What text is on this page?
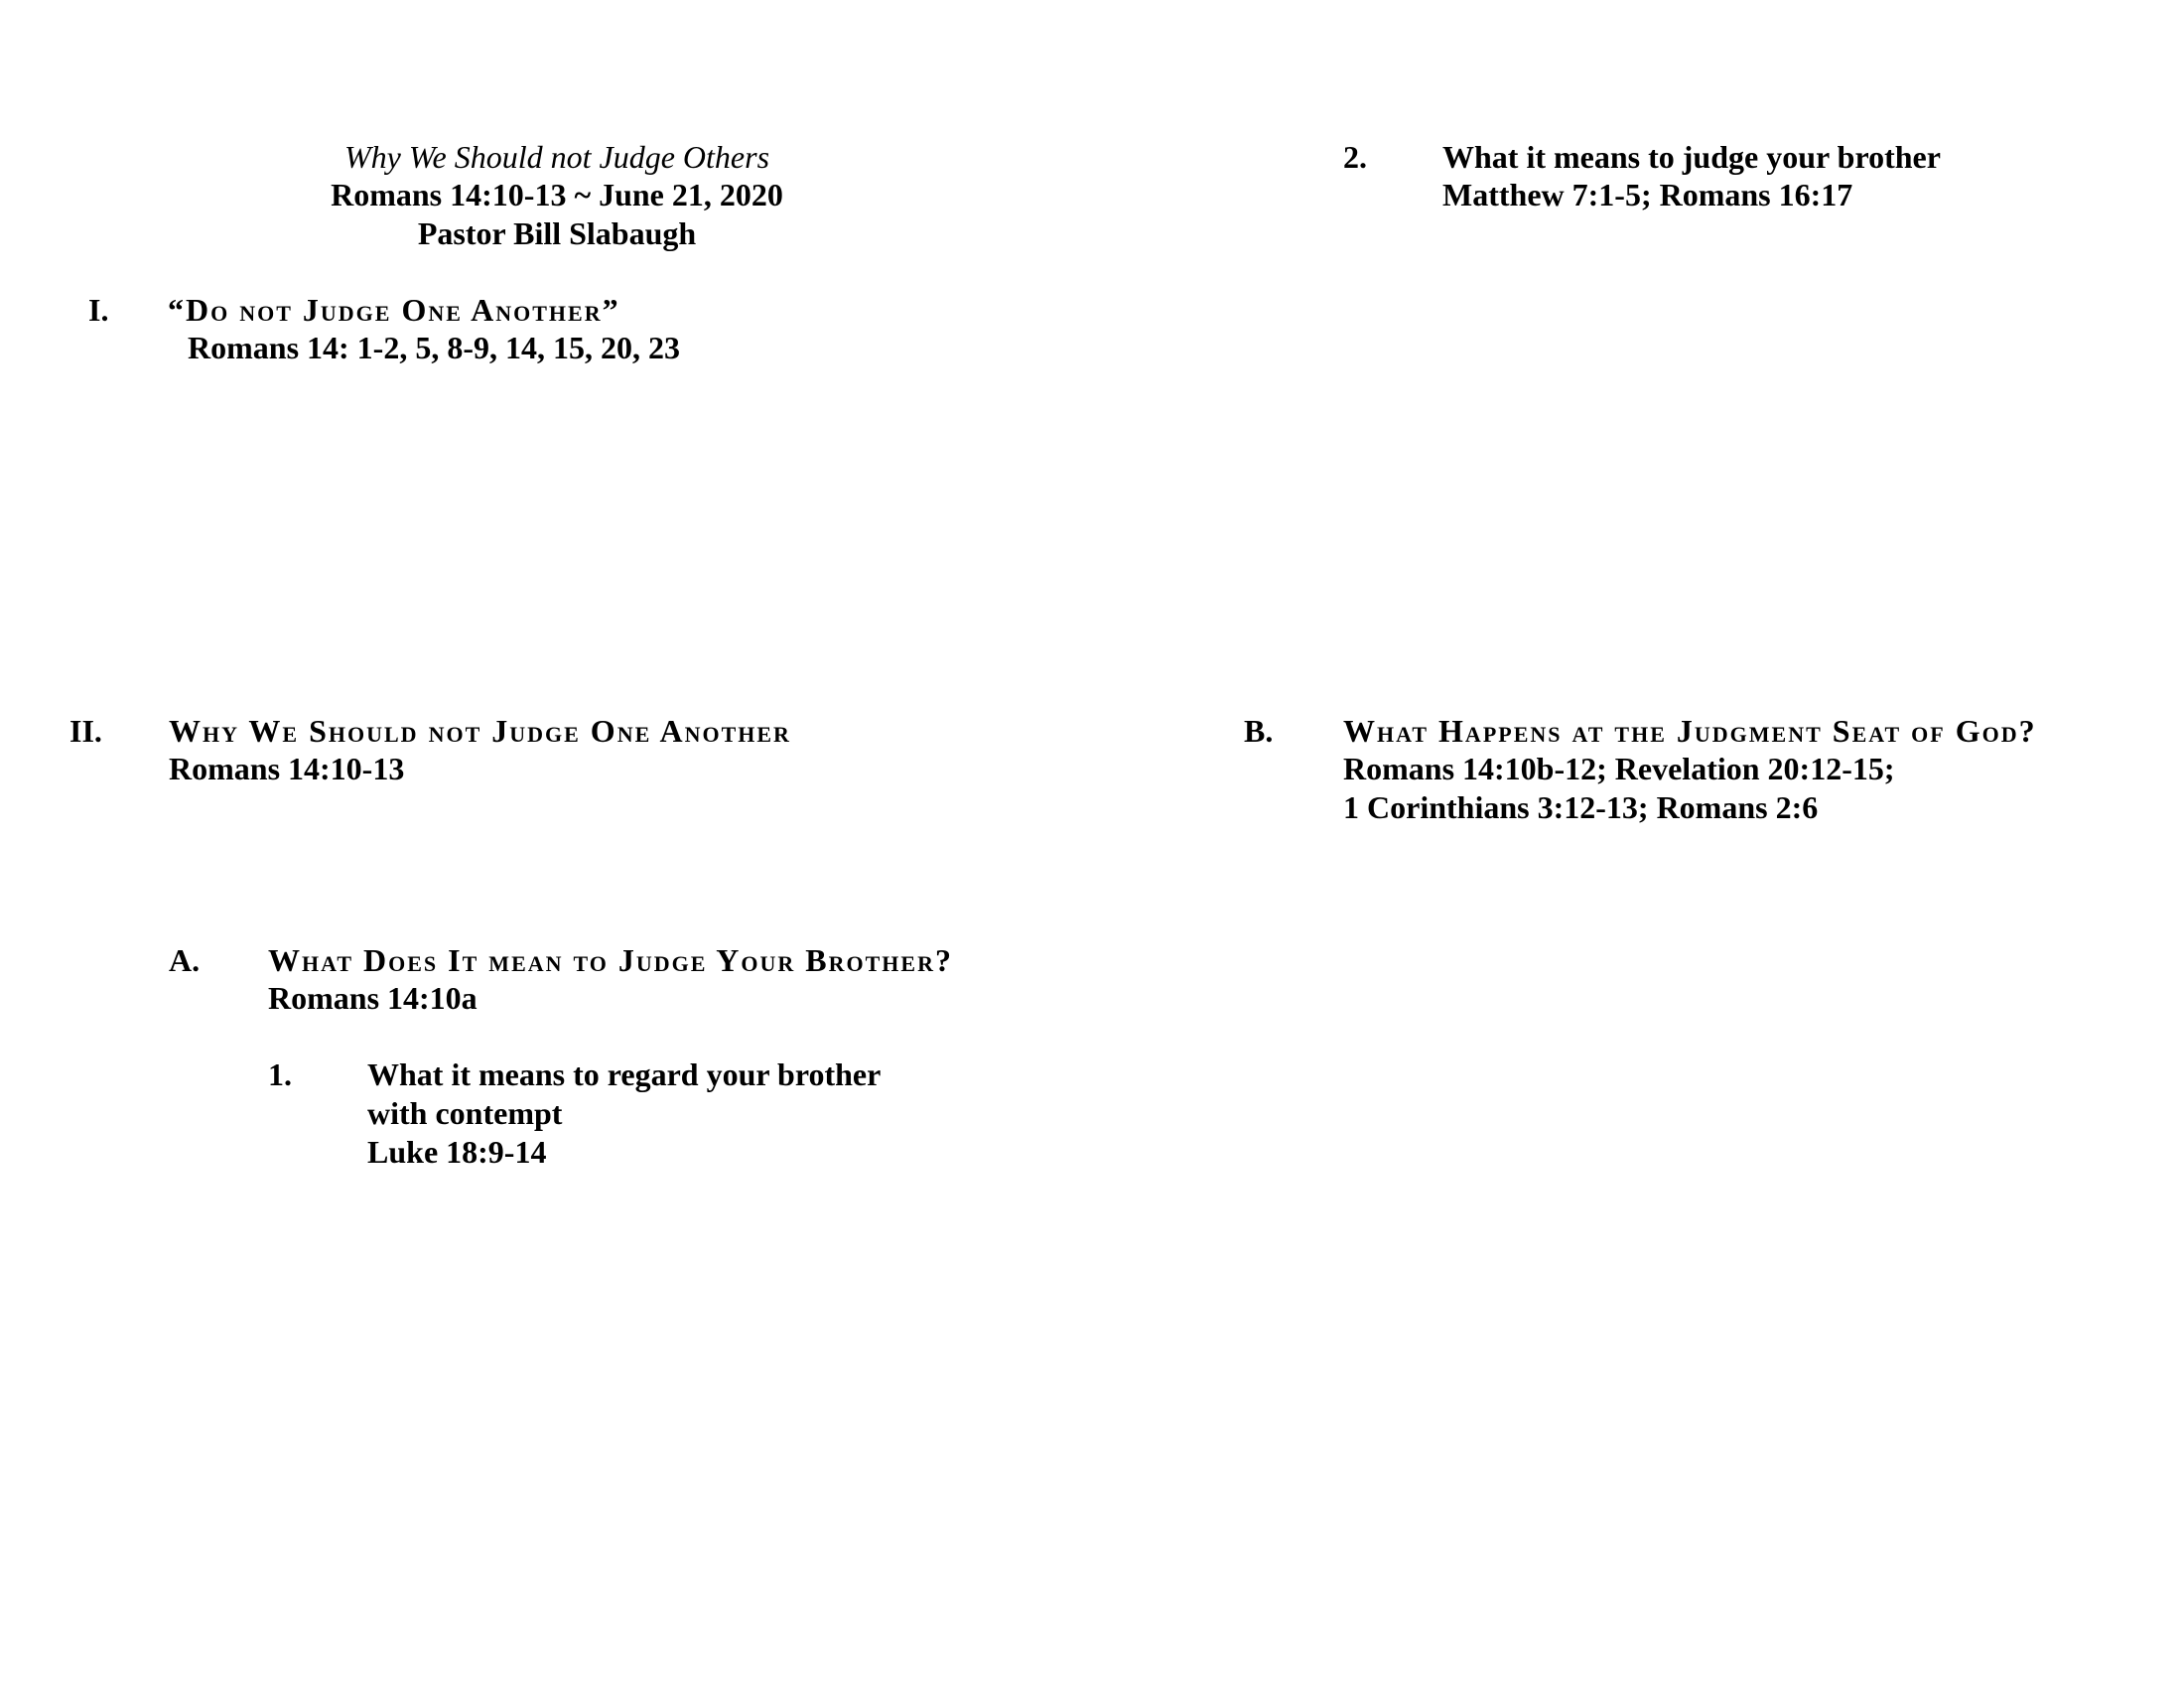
Why We Should not Judge Others
Romans 14:10-13 ~ June 21, 2020
Pastor Bill Slabaugh
I. “Do not Judge One Another”
Romans 14: 1-2, 5, 8-9, 14, 15, 20, 23
II. Why We Should not Judge One Another
Romans 14:10-13
A. What Does It mean to Judge Your Brother?
Romans 14:10a
1. What it means to regard your brother
with contempt
Luke 18:9-14
2. What it means to judge your brother
Matthew 7:1-5; Romans 16:17
B. What Happens at the Judgment Seat of God?
Romans 14:10b-12; Revelation 20:12-15;
1 Corinthians 3:12-13; Romans 2:6
